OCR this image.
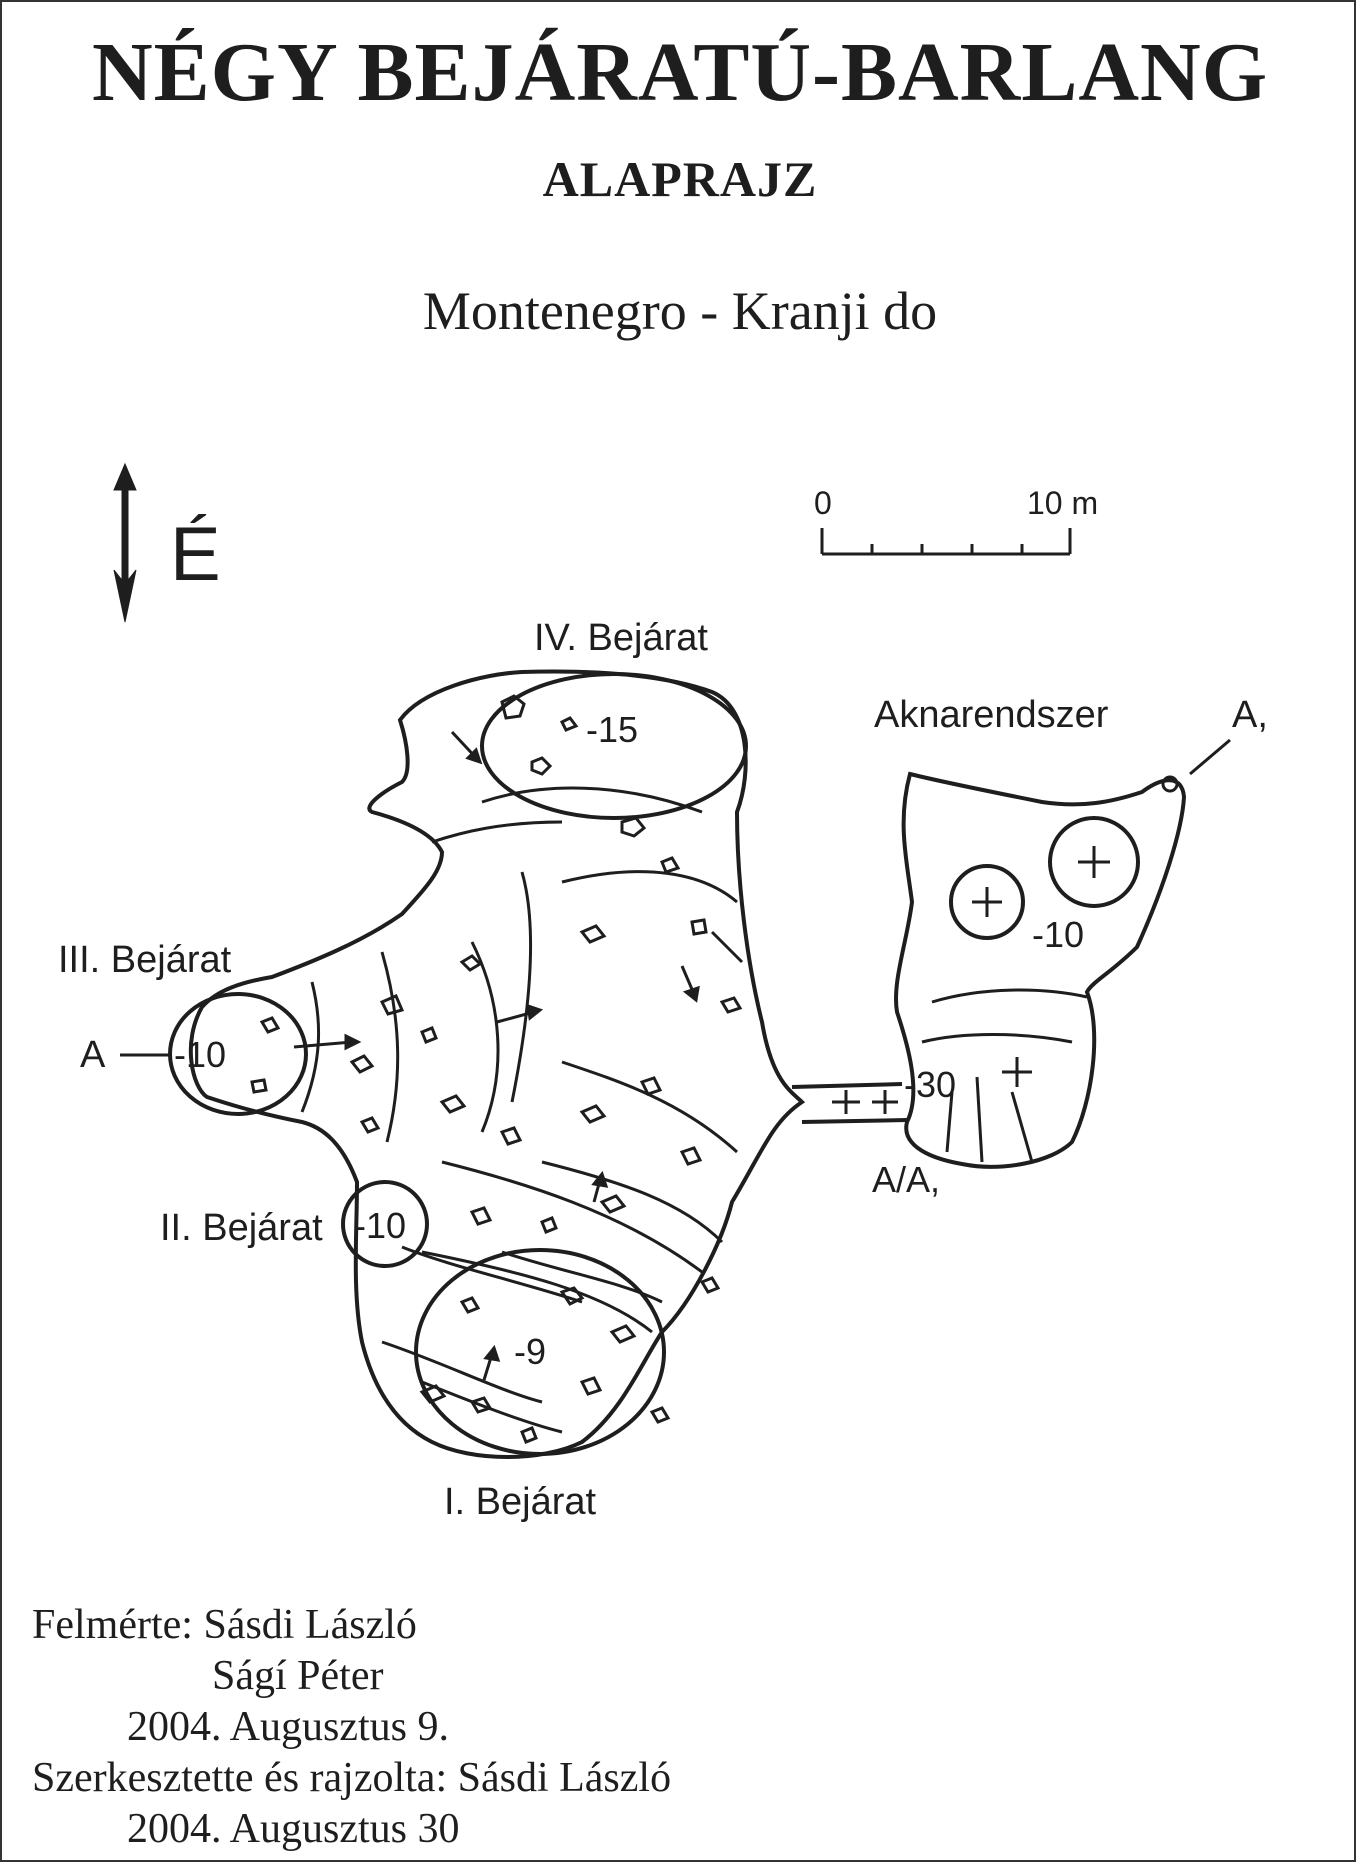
NÉGY BEJÁRATÚ-BARLANG
ALAPRAJZ
Montenegro - Kranji do
É
0	10 m
IV. Bejárat
III. Bejárat
II. Bejárat
I. Bejárat
Aknarendszer
A
A,
A/A,
-15
-10
-10
-9
-10
-30
Felmérte: Sásdi László
Ságí Péter
2004. Augusztus 9.
Szerkesztette és rajzolta: Sásdi László
2004. Augusztus 30
